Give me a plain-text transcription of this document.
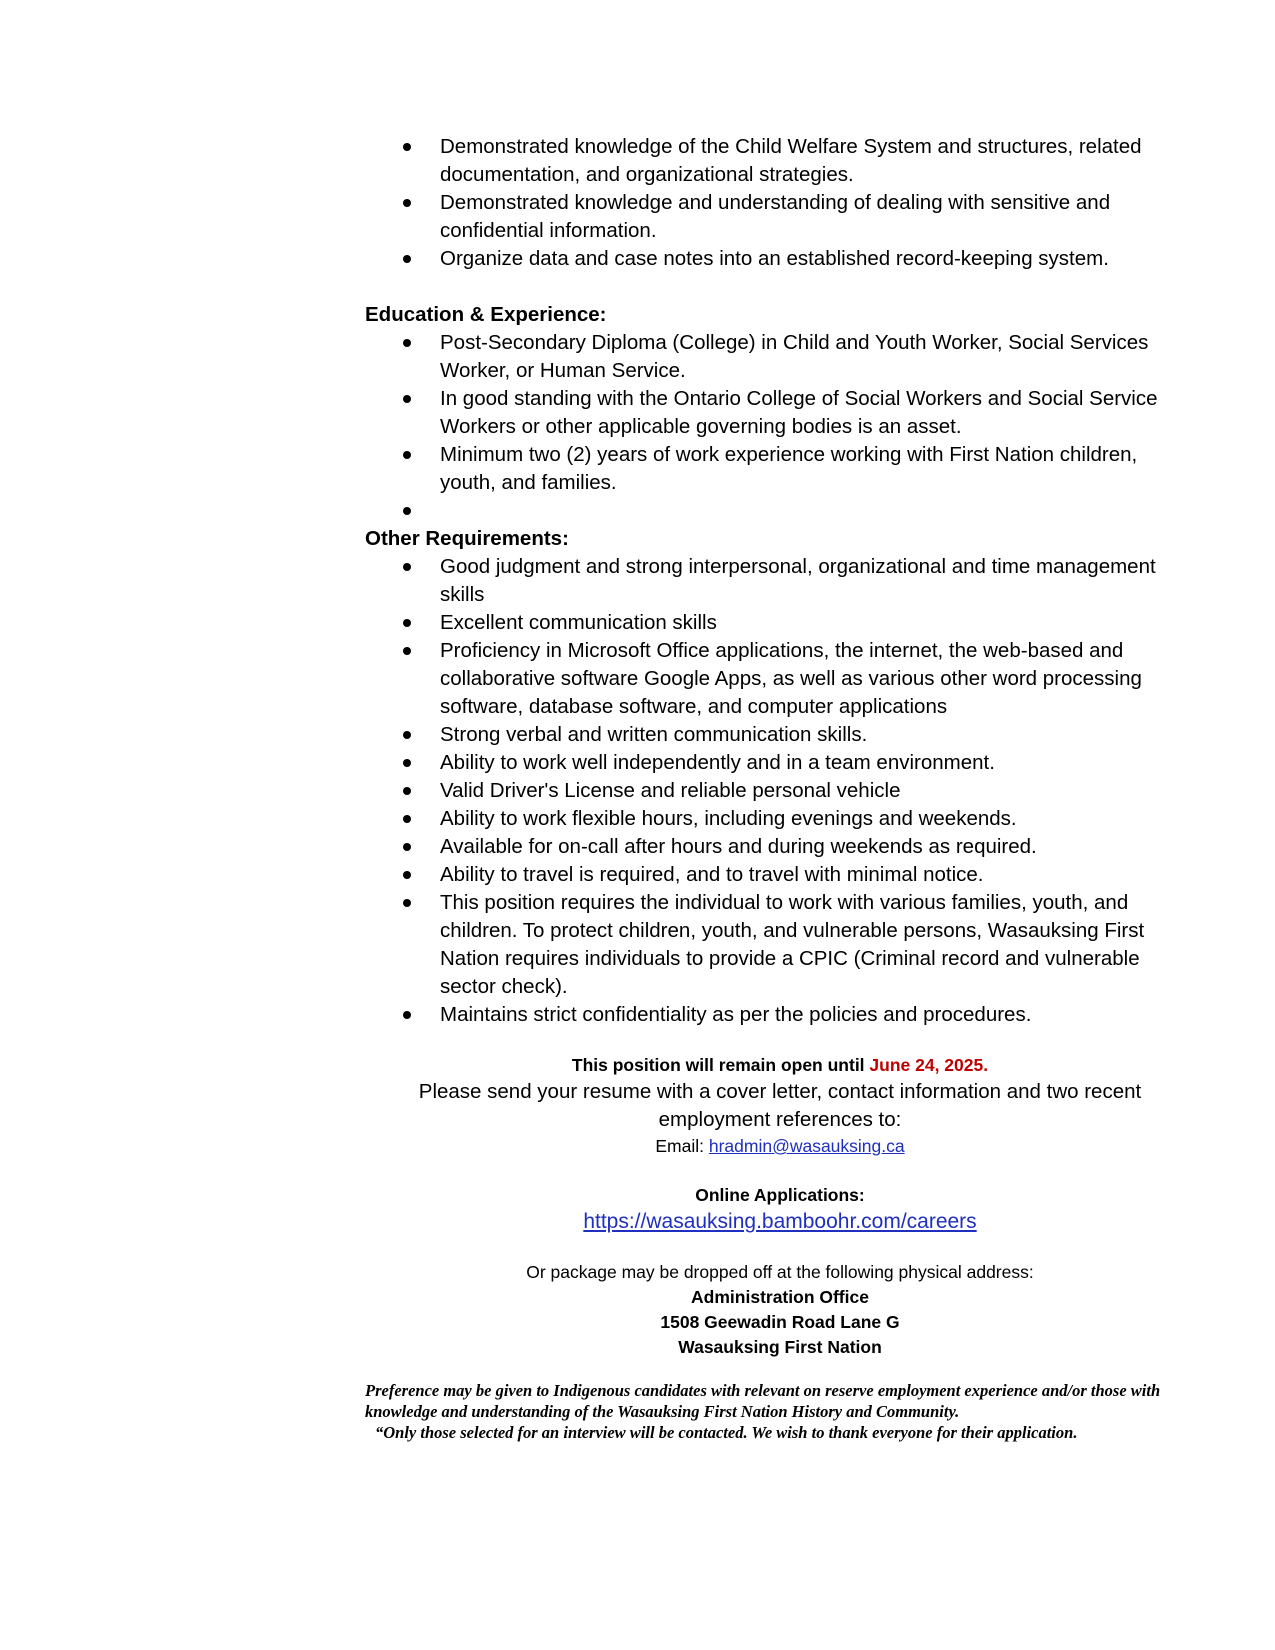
Demonstrated knowledge of the Child Welfare System and structures, related documentation, and organizational strategies.
Demonstrated knowledge and understanding of dealing with sensitive and confidential information.
Organize data and case notes into an established record-keeping system.
Education & Experience:
Post-Secondary Diploma (College) in Child and Youth Worker, Social Services Worker, or Human Service.
In good standing with the Ontario College of Social Workers and Social Service Workers or other applicable governing bodies is an asset.
Minimum two (2) years of work experience working with First Nation children, youth, and families.

Other Requirements:
Good judgment and strong interpersonal, organizational and time management skills
Excellent communication skills
Proficiency in Microsoft Office applications, the internet, the web-based and collaborative software Google Apps, as well as various other word processing software, database software, and computer applications
Strong verbal and written communication skills.
Ability to work well independently and in a team environment.
Valid Driver's License and reliable personal vehicle
Ability to work flexible hours, including evenings and weekends.
Available for on-call after hours and during weekends as required.
Ability to travel is required, and to travel with minimal notice.
This position requires the individual to work with various families, youth, and children. To protect children, youth, and vulnerable persons, Wasauksing First Nation requires individuals to provide a CPIC (Criminal record and vulnerable sector check).
Maintains strict confidentiality as per the policies and procedures.
This position will remain open until June 24, 2025.
Please send your resume with a cover letter, contact information and two recent employment references to:
Email: hradmin@wasauksing.ca
Online Applications:
https://wasauksing.bamboohr.com/careers
Or package may be dropped off at the following physical address:
Administration Office
1508 Geewadin Road Lane G
Wasauksing First Nation
Preference may be given to Indigenous candidates with relevant on reserve employment experience and/or those with knowledge and understanding of the Wasauksing First Nation History and Community.
“Only those selected for an interview will be contacted. We wish to thank everyone for their application.
